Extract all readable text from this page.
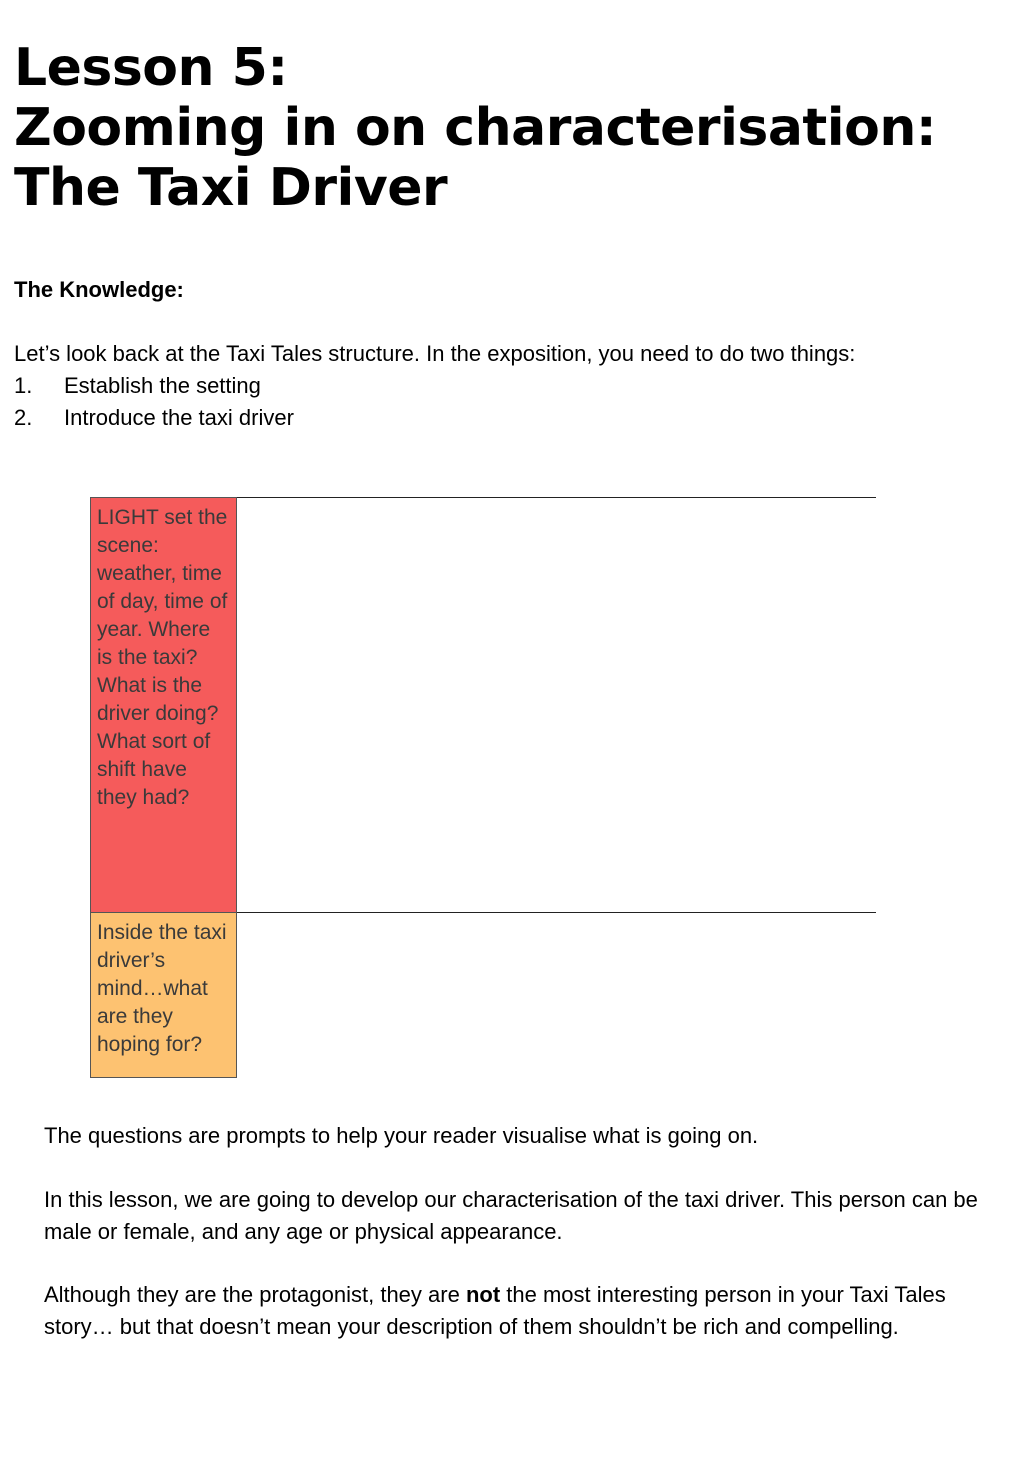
Lesson 5:
Zooming in on characterisation:
The Taxi Driver
The Knowledge:

Let’s look back at the Taxi Tales structure. In the exposition, you need to do two things:

1.	Establish the setting
2.	Introduce the taxi driver
LIGHT set the scene: weather, time of day, time of year. Where is the taxi? What is the driver doing? What sort of shift have they had?
Inside the taxi driver’s mind…what are they hoping for?

The questions are prompts to help your reader visualise what is going on.

In this lesson, we are going to develop our characterisation of the taxi driver. This person can be male or female, and any age or physical appearance.

Although they are the protagonist, they are not the most interesting person in your Taxi Tales story… but that doesn’t mean your description of them shouldn’t be rich and compelling.
